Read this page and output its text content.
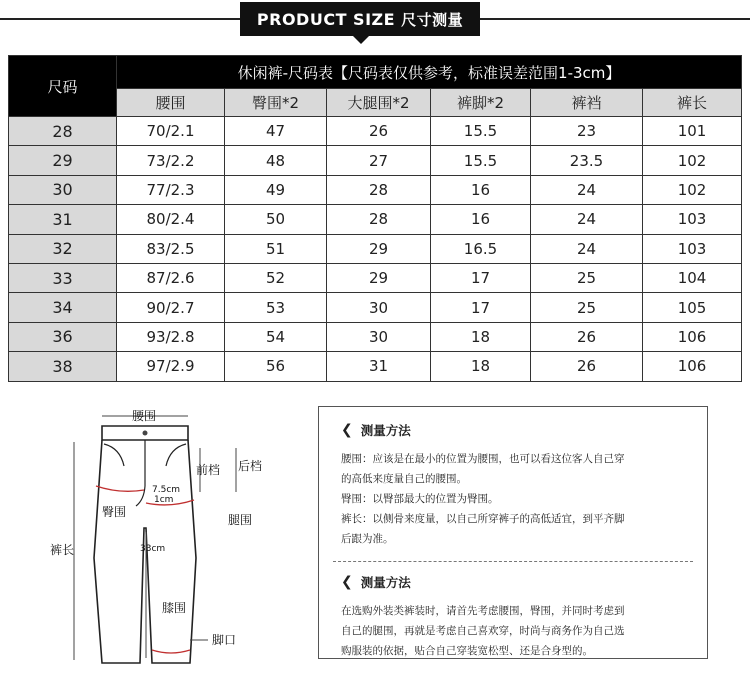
PRODUCT SIZE 尺寸测量
尺码	休闲裤-尺码表【尺码表仅供参考，标准误差范围1-3cm】					
	腰围	臀围*2	大腿围*2	裤脚*2	裤裆	裤长
28	70/2.1	47	26	15.5	23	101
29	73/2.2	48	27	15.5	23.5	102
30	77/2.3	49	28	16	24	102
31	80/2.4	50	28	16	24	103
32	83/2.5	51	29	16.5	24	103
33	87/2.6	52	29	17	25	104
34	90/2.7	53	30	17	25	105
36	93/2.8	54	30	18	26	106
38	97/2.9	56	31	18	26	106
腰围
前档 后档
臀围
腿围
裤长
膝围
脚口
7.5cm
1cm
33cm
❮ 测量方法

腰围：应该是在最小的位置为腰围，也可以看这位客人自己穿

的高低来度量自己的腰围。

臀围：以臀部最大的位置为臀围。

裤长：以侧骨来度量，以自己所穿裤子的高低适宜，到平齐脚

后跟为准。

❮ 测量方法

在选购外装类裤装时，请首先考虑腰围，臀围，并同时考虑到

自己的腿围，再就是考虑自己喜欢穿，时尚与商务作为自己选

购服装的依据，贴合自己穿装宽松型、还是合身型的。
